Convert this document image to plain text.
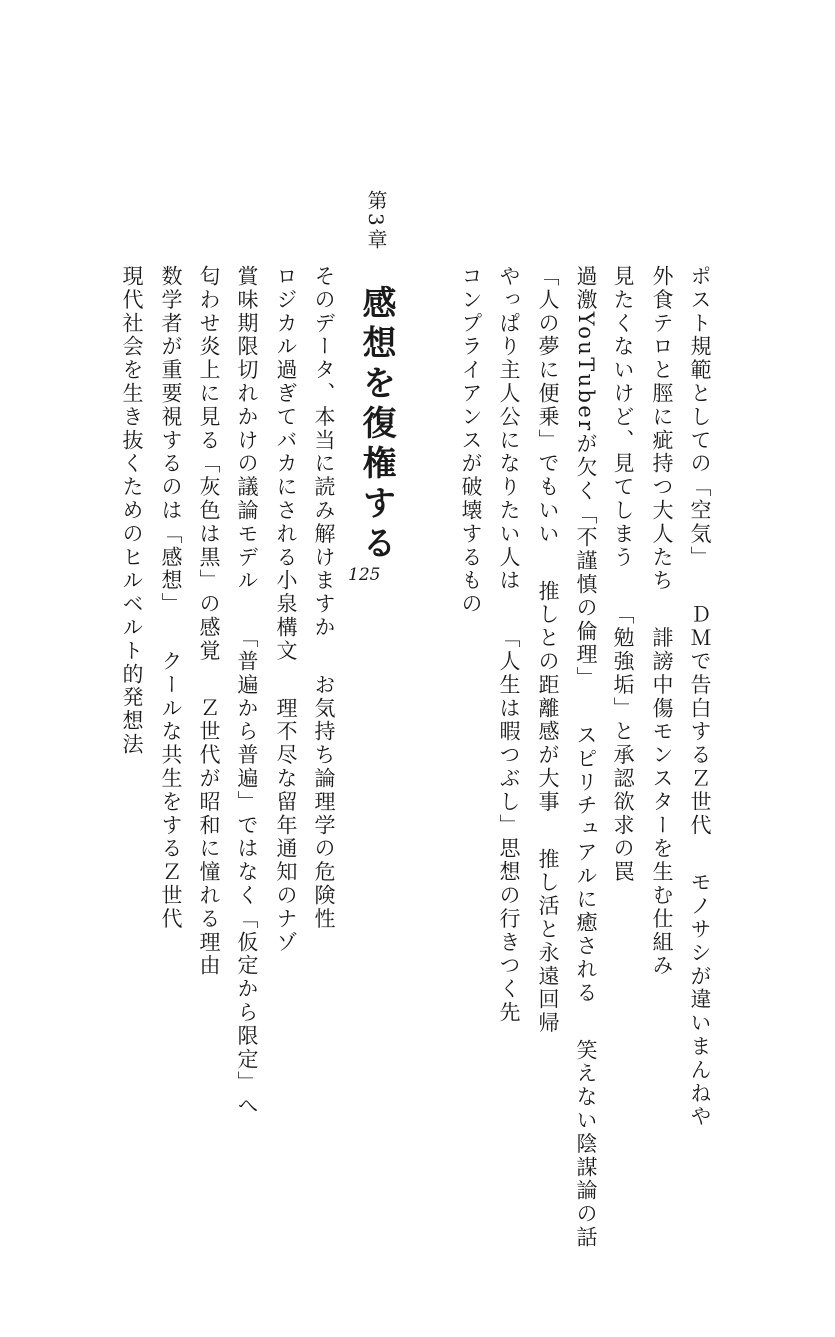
ポスト規範としての「空気」ＤＭで告白するＺ世代モノサシが違いまんねや
外食テロと脛に疵持つ大人たち誹謗中傷モンスターを生む仕組み
見たくないけど、見てしまう「勉強垢」と承認欲求の罠
過激YouTuberが欠く「不謹慎の倫理」スピリチュアルに癒される笑えない陰謀論の話
「人の夢に便乗」でもいい推しとの距離感が大事推し活と永遠回帰
やっぱり主人公になりたい人は「人生は暇つぶし」思想の行きつく先
コンプライアンスが破壊するもの
第3章
感想を復権する
125
そのデータ、本当に読み解けますかお気持ち論理学の危険性
ロジカル過ぎてバカにされる小泉構文理不尽な留年通知のナゾ
賞味期限切れかけの議論モデル「普遍から普遍」ではなく「仮定から限定」へ
匂わせ炎上に見る「灰色は黒」の感覚Ｚ世代が昭和に憧れる理由
数学者が重要視するのは「感想」クールな共生をするＺ世代
現代社会を生き抜くためのヒルベルト的発想法
